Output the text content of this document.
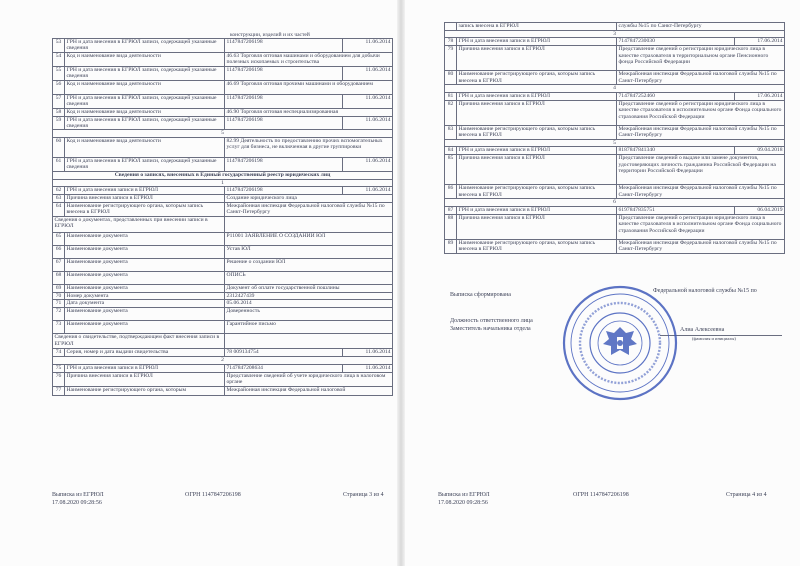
конструкции, изделий и их частей
53	ГРН и дата внесения в ЕГРЮЛ записи, содержащей указанные сведения	1147847206198	11.06.2014
54	Код и наименование вида деятельности	46.63 Торговля оптовая машинами и оборудованием для добычи полезных ископаемых и строительства	
55	ГРН и дата внесения в ЕГРЮЛ записи, содержащей указанные сведения	1147847206198	11.06.2014
56	Код и наименование вида деятельности	46.69 Торговля оптовая прочими машинами и оборудованием	
57	ГРН и дата внесения в ЕГРЮЛ записи, содержащей указанные сведения	1147847206198	11.06.2014
58	Код и наименование вида деятельности	46.90 Торговля оптовая неспециализированная	
59	ГРН и дата внесения в ЕГРЮЛ записи, содержащей указанные сведения	1147847206198	11.06.2014
5			
60	Код и наименование вида деятельности	82.99 Деятельность по предоставлению прочих вспомогательных услуг для бизнеса, не включенная в другие группировки	
61	ГРН и дата внесения в ЕГРЮЛ записи, содержащей указанные сведения	1147847206198	11.06.2014
Сведения о записях, внесенных в Единый государственный реестр юридических лиц			
1			
62	ГРН и дата внесения записи в ЕГРЮЛ	1147847206198	11.06.2014
63	Причина внесения записи в ЕГРЮЛ	Создание юридического лица	
64	Наименование регистрирующего органа, которым запись внесена в ЕГРЮЛ	Межрайонная инспекция Федеральной налоговой службы №15 по Санкт-Петербургу	
Сведения о документах, представленных при внесении записи в ЕГРЮЛ			
65	Наименование документа	Р11001 ЗАЯВЛЕНИЕ О СОЗДАНИИ ЮЛ	
66	Наименование документа	Устав ЮЛ	
67	Наименование документа	Решение о создании ЮЛ	
68	Наименование документа	ОПИСЬ	
69	Наименование документа	Документ об оплате государственной пошлины	
70	Номер документа	2312427439	
71	Дата документа	05.06.2014	
72	Наименование документа	Доверенность	
73	Наименование документа	Гарантийное письмо	
Сведения о свидетельстве, подтверждающем факт внесения записи в ЕГРЮЛ			
74	Серия, номер и дата выдачи свидетельства	78 009134754	11.06.2014
2			
75	ГРН и дата внесения записи в ЕГРЮЛ	7147847208634	11.06.2014
76	Причина внесения записи в ЕГРЮЛ	Представление сведений об учете юридического лица в налоговом органе	
77	Наименование регистрирующего органа, которым	Межрайонная инспекция Федеральной налоговой	
	запись внесена в ЕГРЮЛ	службы №15 по Санкт-Петербургу	
3			
78	ГРН и дата внесения записи в ЕГРЮЛ	7147847230030	17.06.2014
79	Причина внесения записи в ЕГРЮЛ	Представление сведений о регистрации юридического лица в качестве страхователя в территориальном органе Пенсионного фонда Российской Федерации	
80	Наименование регистрирующего органа, которым запись внесена в ЕГРЮЛ	Межрайонная инспекция Федеральной налоговой службы №15 по Санкт-Петербургу	
4			
81	ГРН и дата внесения записи в ЕГРЮЛ	7147847252460	17.06.2014
82	Причина внесения записи в ЕГРЮЛ	Представление сведений о регистрации юридического лица в качестве страхователя в исполнительном органе Фонда социального страхования Российской Федерации	
83	Наименование регистрирующего органа, которым запись внесена в ЕГРЮЛ	Межрайонная инспекция Федеральной налоговой службы №15 по Санкт-Петербургу	
5			
84	ГРН и дата внесения записи в ЕГРЮЛ	8187847841340	09.04.2018
85	Причина внесения записи в ЕГРЮЛ	Представление сведений о выдаче или замене документов, удостоверяющих личность гражданина Российской Федерации на территории Российской Федерации	
86	Наименование регистрирующего органа, которым запись внесена в ЕГРЮЛ	Межрайонная инспекция Федеральной налоговой службы №15 по Санкт-Петербургу	
6			
87	ГРН и дата внесения записи в ЕГРЮЛ	6197847835751	06.04.2019
88	Причина внесения записи в ЕГРЮЛ	Представление сведений о регистрации юридического лица в качестве страхователя в исполнительном органе Фонда социального страхования Российской Федерации	
89	Наименование регистрирующего органа, которым запись внесена в ЕГРЮЛ	Межрайонная инспекция Федеральной налоговой службы №15 по Санкт-Петербургу	
Выписка сформирована
Федеральной налоговой службы №15 по
Должность ответственного лица
Заместитель начальника отдела	Алиа Алексеевна
(фамилия и инициалы)
Выписка из ЕГРЮЛ
17.08.2020 09:28:56
ОГРН 1147847206198	Страница 3 из 4	Выписка из ЕГРЮЛ
17.08.2020 09:28:56
ОГРН 1147847206198	Страница 4 из 4
